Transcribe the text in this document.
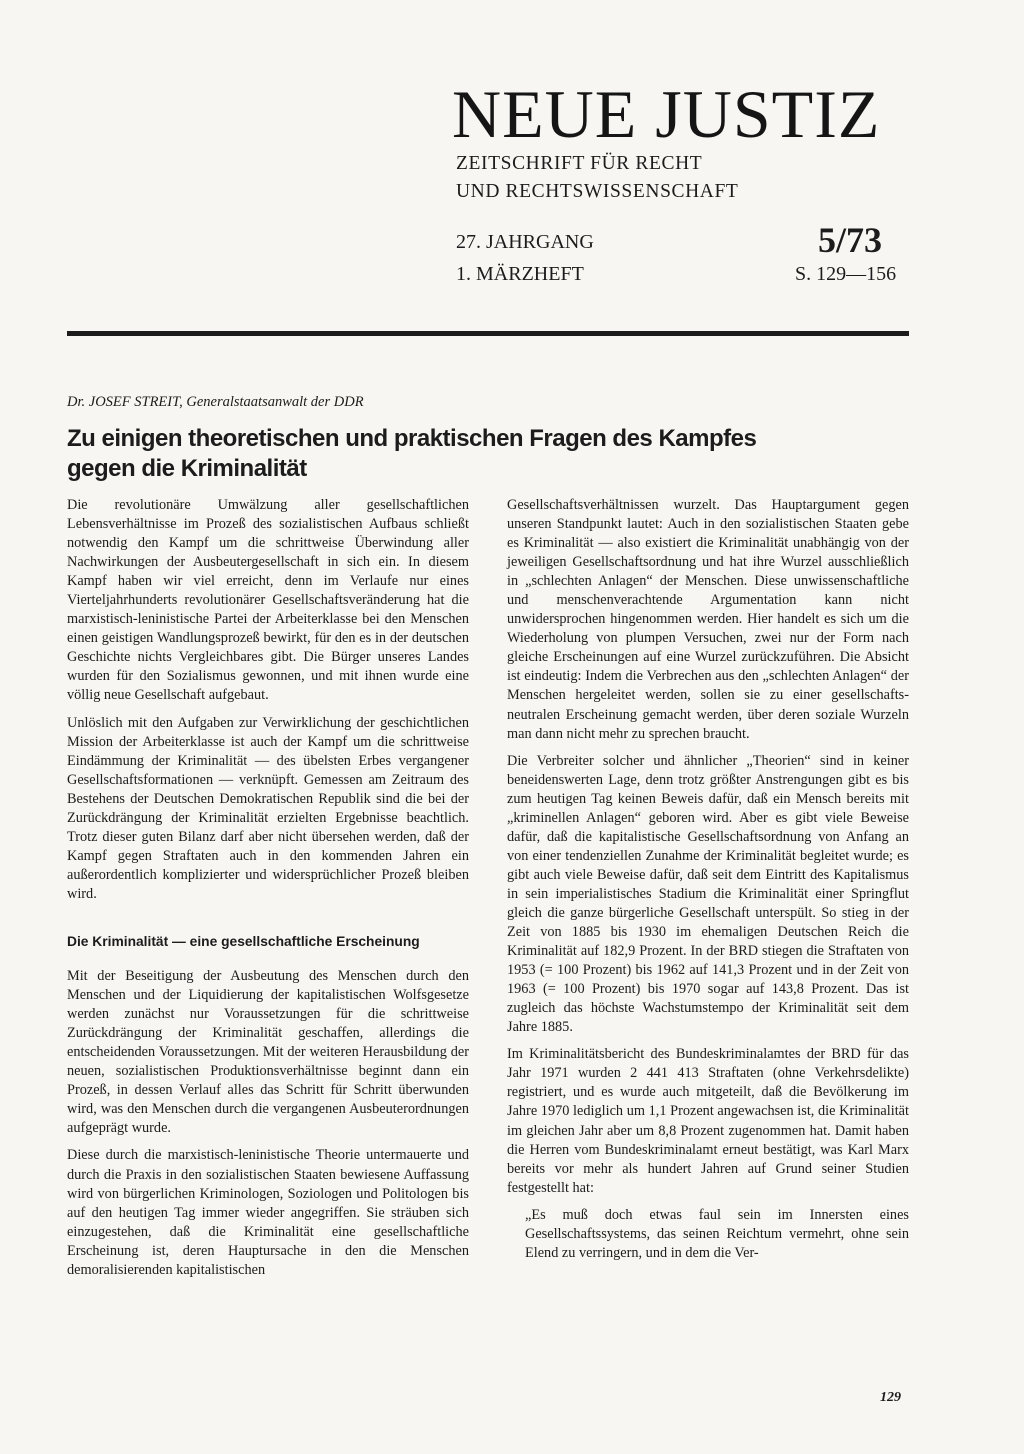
NEUE JUSTIZ
ZEITSCHRIFT FÜR RECHT
UND RECHTSWISSENSCHAFT
27. JAHRGANG	5/73
1. MÄRZHEFT	S. 129—156
Dr. JOSEF STREIT, Generalstaatsanwalt der DDR
Zu einigen theoretischen und praktischen Fragen des Kampfes
gegen die Kriminalität

Die revolutionäre Umwälzung aller gesellschaftlichen Lebensverhältnisse im Prozeß des sozialistischen Aufbaus schließt notwendig den Kampf um die schrittweise Überwindung aller Nachwirkungen der Ausbeutergesellschaft in sich ein. In diesem Kampf haben wir viel erreicht, denn im Verlaufe nur eines Vierteljahrhunderts revolutionärer Gesellschaftsveränderung hat die marxistisch-leninistische Partei der Arbeiterklasse bei den Menschen einen geistigen Wandlungsprozeß bewirkt, für den es in der deutschen Geschichte nichts Vergleichbares gibt. Die Bürger unseres Landes wurden für den Sozialismus gewonnen, und mit ihnen wurde eine völlig neue Gesellschaft aufgebaut.

Unlöslich mit den Aufgaben zur Verwirklichung der geschichtlichen Mission der Arbeiterklasse ist auch der Kampf um die schrittweise Eindämmung der Kriminalität — des übelsten Erbes vergangener Gesellschaftsformationen — verknüpft. Gemessen am Zeitraum des Bestehens der Deutschen Demokratischen Republik sind die bei der Zurückdrängung der Kriminalität erzielten Ergebnisse beachtlich. Trotz dieser guten Bilanz darf aber nicht übersehen werden, daß der Kampf gegen Straftaten auch in den kommenden Jahren ein außerordentlich komplizierter und widersprüchlicher Prozeß bleiben wird.

Die Kriminalität — eine gesellschaftliche Erscheinung

Mit der Beseitigung der Ausbeutung des Menschen durch den Menschen und der Liquidierung der kapitalistischen Wolfsgesetze werden zunächst nur Voraussetzungen für die schrittweise Zurückdrängung der Kriminalität geschaffen, allerdings die entscheidenden Voraussetzungen. Mit der weiteren Herausbildung der neuen, sozialistischen Produktionsverhältnisse beginnt dann ein Prozeß, in dessen Verlauf alles das Schritt für Schritt überwunden wird, was den Menschen durch die vergangenen Ausbeuterordnungen aufgeprägt wurde.

Diese durch die marxistisch-leninistische Theorie untermauerte und durch die Praxis in den sozialistischen Staaten bewiesene Auffassung wird von bürgerlichen Kriminologen, Soziologen und Politologen bis auf den heutigen Tag immer wieder angegriffen. Sie sträuben sich einzugestehen, daß die Kriminalität eine gesellschaftliche Erscheinung ist, deren Hauptursache in den die Menschen demoralisierenden kapitalistischen

Gesellschaftsverhältnissen wurzelt. Das Hauptargument gegen unseren Standpunkt lautet: Auch in den sozialistischen Staaten gebe es Kriminalität — also existiert die Kriminalität unabhängig von der jeweiligen Gesellschaftsordnung und hat ihre Wurzel ausschließlich in „schlechten Anlagen“ der Menschen. Diese unwissenschaftliche und menschenverachtende Argumentation kann nicht unwidersprochen hingenommen werden. Hier handelt es sich um die Wiederholung von plumpen Versuchen, zwei nur der Form nach gleiche Erscheinungen auf eine Wurzel zurückzuführen. Die Absicht ist eindeutig: Indem die Verbrechen aus den „schlechten Anlagen“ der Menschen hergeleitet werden, sollen sie zu einer gesellschafts-neutralen Erscheinung gemacht werden, über deren soziale Wurzeln man dann nicht mehr zu sprechen braucht.

Die Verbreiter solcher und ähnlicher „Theorien“ sind in keiner beneidenswerten Lage, denn trotz größter Anstrengungen gibt es bis zum heutigen Tag keinen Beweis dafür, daß ein Mensch bereits mit „kriminellen Anlagen“ geboren wird. Aber es gibt viele Beweise dafür, daß die kapitalistische Gesellschaftsordnung von Anfang an von einer tendenziellen Zunahme der Kriminalität begleitet wurde; es gibt auch viele Beweise dafür, daß seit dem Eintritt des Kapitalismus in sein imperialistisches Stadium die Kriminalität einer Springflut gleich die ganze bürgerliche Gesellschaft unterspült. So stieg in der Zeit von 1885 bis 1930 im ehemaligen Deutschen Reich die Kriminalität auf 182,9 Prozent. In der BRD stiegen die Straftaten von 1953 (= 100 Prozent) bis 1962 auf 141,3 Prozent und in der Zeit von 1963 (= 100 Prozent) bis 1970 sogar auf 143,8 Prozent. Das ist zugleich das höchste Wachstumstempo der Kriminalität seit dem Jahre 1885.

Im Kriminalitätsbericht des Bundeskriminalamtes der BRD für das Jahr 1971 wurden 2 441 413 Straftaten (ohne Verkehrsdelikte) registriert, und es wurde auch mitgeteilt, daß die Bevölkerung im Jahre 1970 lediglich um 1,1 Prozent angewachsen ist, die Kriminalität im gleichen Jahr aber um 8,8 Prozent zugenommen hat. Damit haben die Herren vom Bundeskriminalamt erneut bestätigt, was Karl Marx bereits vor mehr als hundert Jahren auf Grund seiner Studien festgestellt hat:

„Es muß doch etwas faul sein im Innersten eines Gesellschaftssystems, das seinen Reichtum vermehrt, ohne sein Elend zu verringern, und in dem die Ver-

129
